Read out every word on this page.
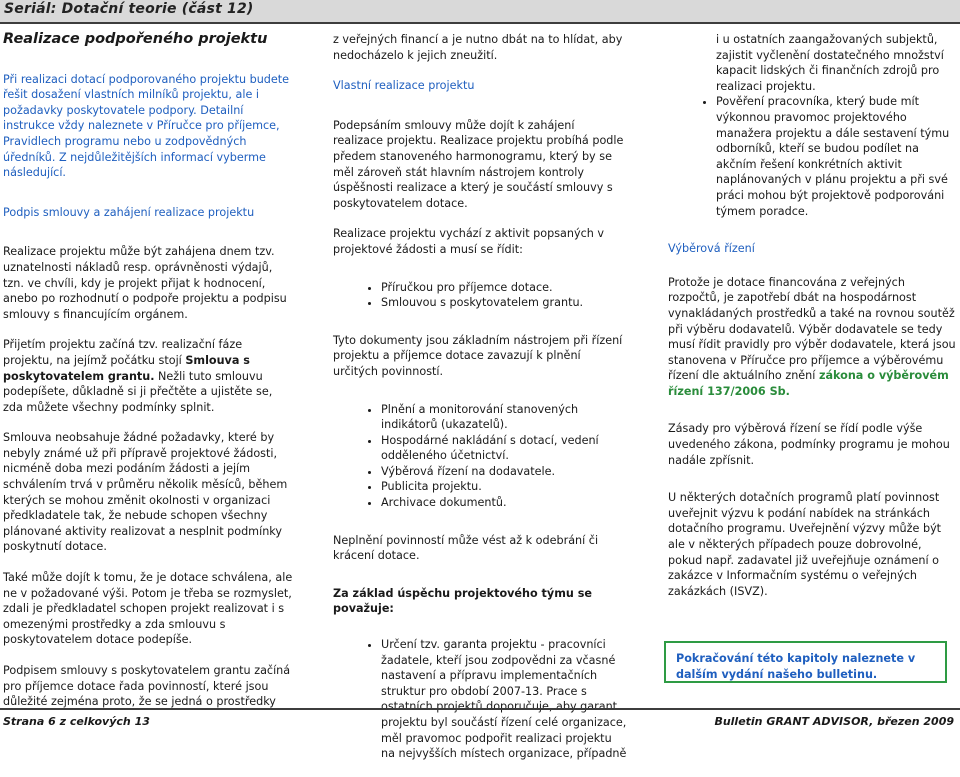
Seriál: Dotační teorie (část 12)
Realizace podpořeného projektu
Při realizaci dotací podporovaného projektu budete řešit dosažení vlastních milníků projektu, ale i požadavky poskytovatele podpory. Detailní instrukce vždy naleznete v Příručce pro příjemce, Pravidlech programu nebo u zodpovědných úředníků. Z nejdůležitějších informací vyberme následující.
Podpis smlouvy a zahájení realizace projektu

Realizace projektu může být zahájena dnem tzv. uznatelnosti nákladů resp. oprávněnosti výdajů, tzn. ve chvíli, kdy je projekt přijat k hodnocení, anebo po rozhodnutí o podpoře projektu a podpisu smlouvy s financujícím orgánem.

Přijetím projektu začíná tzv. realizační fáze projektu, na jejímž počátku stojí Smlouva s poskytovatelem grantu. Nežli tuto smlouvu podepíšete, důkladně si ji přečtěte a ujistěte se, zda můžete všechny podmínky splnit.

Smlouva neobsahuje žádné požadavky, které by nebyly známé už při přípravě projektové žádosti, nicméně doba mezi podáním žádosti a jejím schválením trvá v průměru několik měsíců, během kterých se mohou změnit okolnosti v organizaci předkladatele tak, že nebude schopen všechny plánované aktivity realizovat a nesplnit podmínky poskytnutí dotace.

Také může dojít k tomu, že je dotace schválena, ale ne v požadované výši. Potom je třeba se rozmyslet, zdali je předkladatel schopen projekt realizovat i s omezenými prostředky a zda smlouvu s poskytovatelem dotace podepíše.

Podpisem smlouvy s poskytovatelem grantu začíná pro příjemce dotace řada povinností, které jsou důležité zejména proto, že se jedná o prostředky

z veřejných financí a je nutno dbát na to hlídat, aby nedocházelo k jejich zneužití.

Vlastní realizace projektu

Podepsáním smlouvy může dojít k zahájení realizace projektu. Realizace projektu probíhá podle předem stanoveného harmonogramu, který by se měl zároveň stát hlavním nástrojem kontroly úspěšnosti realizace a který je součástí smlouvy s poskytovatelem dotace.

Realizace projektu vychází z aktivit popsaných v projektové žádosti a musí se řídit:

• Příručkou pro příjemce dotace.
• Smlouvou s poskytovatelem grantu.

Tyto dokumenty jsou základním nástrojem při řízení projektu a příjemce dotace zavazují k plnění určitých povinností.

• Plnění a monitorování stanovených indikátorů (ukazatelů).
• Hospodárné nakládání s dotací, vedení odděleného účetnictví.
• Výběrová řízení na dodavatele.
• Publicita projektu.
• Archivace dokumentů.

Neplnění povinností může vést až k odebrání či krácení dotace.

Za základ úspěchu projektového týmu se považuje:

• Určení tzv. garanta projektu - pracovníci žadatele, kteří jsou zodpovědni za včasné nastavení a přípravu implementačních struktur pro období 2007-13. Prace s ostatních projektů doporučuje, aby garant projektu byl součástí řízení celé organizace, měl pravomoc podpořit realizaci projektu na nejvyšších místech organizace, případně
i u ostatních zaangažovaných subjektů, zajistit vyčlenění dostatečného množství kapacit lidských či finančních zdrojů pro realizaci projektu.
• Pověření pracovníka, který bude mít výkonnou pravomoc projektového manažera projektu a dále sestavení týmu odborníků, kteří se budou podílet na akčním řešení konkrétních aktivit naplánovaných v plánu projektu a při své práci mohou být projektově podporováni týmem poradce.
Výběrová řízení

Protože je dotace financována z veřejných rozpočtů, je zapotřebí dbát na hospodárnost vynakládaných prostředků a také na rovnou soutěž při výběru dodavatelů. Výběr dodavatele se tedy musí řídit pravidly pro výběr dodavatele, která jsou stanovena v Příručce pro příjemce a výběrovému řízení dle aktuálního znění zákona o výběrovém řízení 137/2006 Sb.

Zásady pro výběrová řízení se řídí podle výše uvedeného zákona, podmínky programu je mohou nadále zpřísnit.

U některých dotačních programů platí povinnost uveřejnit výzvu k podání nabídek na stránkách dotačního programu. Uveřejnění výzvy může být ale v některých případech pouze dobrovolné, pokud např. zadavatel již uveřejňuje oznámení o zakázce v Informačním systému o veřejných zakázkách (ISVZ).

Pokračování této kapitoly naleznete v dalším vydání našeho bulletinu.
Strana 6 z celkových 13	Bulletin GRANT ADVISOR, březen 2009
